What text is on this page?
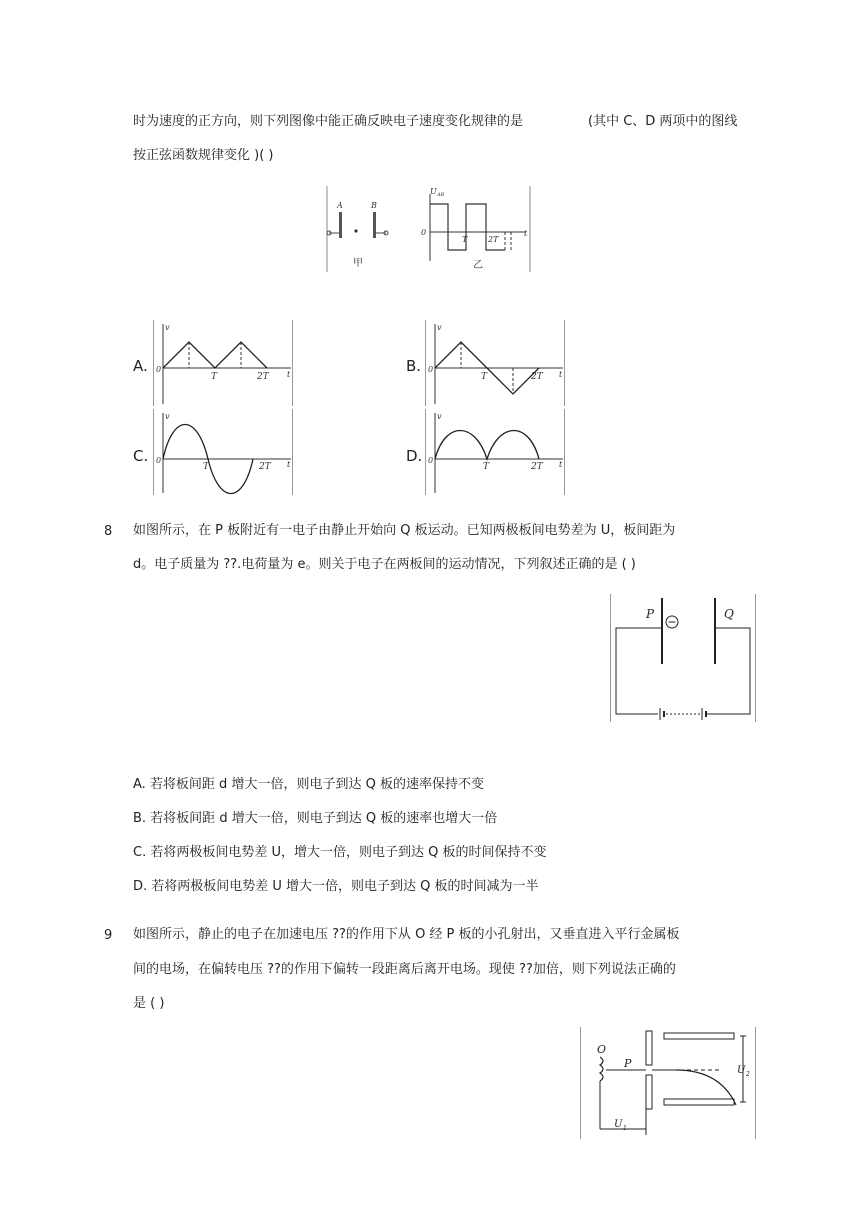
时为速度的正方向，则下列图像中能正确反映电子速度变化规律的是	(其中 C、D 两项中的图线
按正弦函数规律变化 )( )
A	B
甲
U AB
0	t
T	2T
乙
A.	B.
C.	D.
v
0
t
T	2T
v
0
t
T	2T
v
0	t
T	2T
v
0	t
T	2T
8 如图所示，在 P 板附近有一电子由静止开始向 Q 板运动。已知两极板间电势差为 U，板间距为
d。电子质量为 ??.电荷量为 e。则关于电子在两板间的运动情况，下列叙述正确的是 ( )
P	Q
A. 若将板间距 d 增大一倍，则电子到达 Q 板的速率保持不变
B. 若将板间距 d 增大一倍，则电子到达 Q 板的速率也增大一倍
C. 若将两极板间电势差 U，增大一倍，则电子到达 Q 板的时间保持不变
D. 若将两极板间电势差 U 增大一倍，则电子到达 Q 板的时间减为一半
9 如图所示，静止的电子在加速电压 ??的作用下从 O 经 P 板的小孔射出，又垂直进入平行金属板
间的电场，在偏转电压 ??的作用下偏转一段距离后离开电场。现使 ??加倍，则下列说法正确的
是 ( )
O
P
U 2
U 1
